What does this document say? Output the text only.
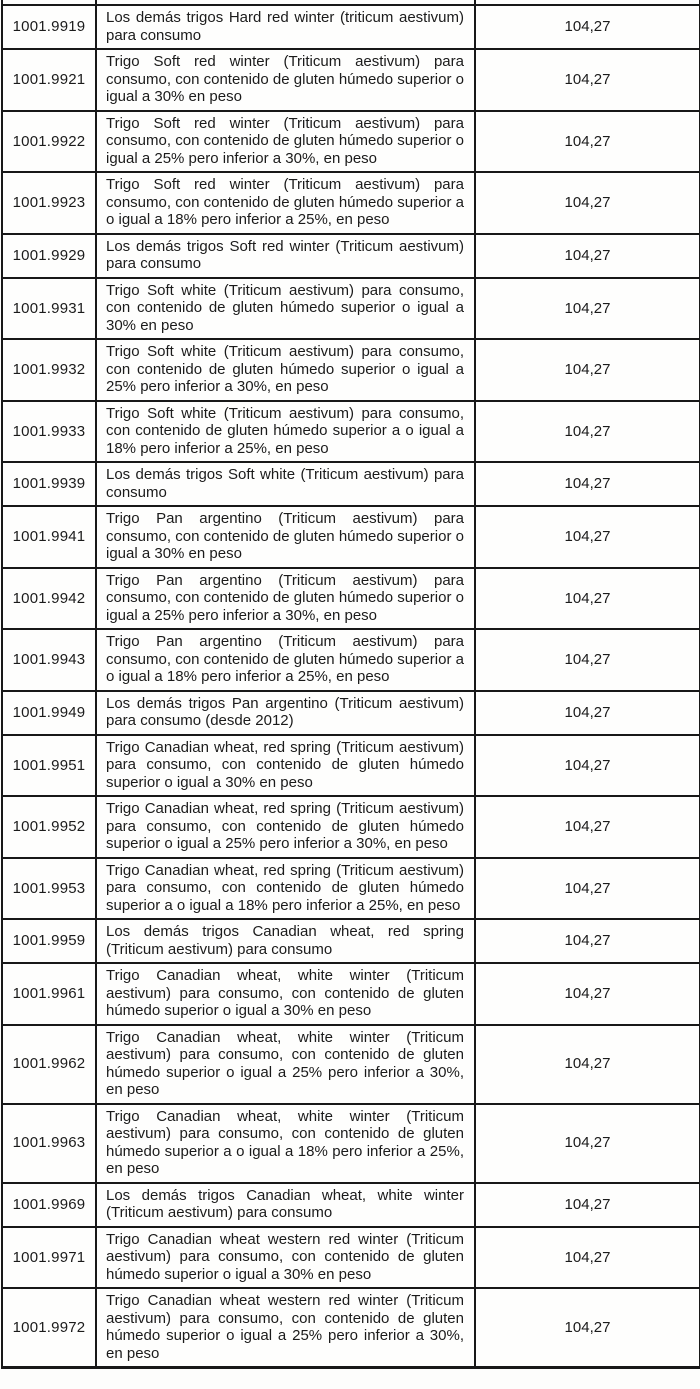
1001.9919	Los demás trigos Hard red winter (triticum aestivum) para consumo	104,27
1001.9921	Trigo Soft red winter (Triticum aestivum) para consumo, con contenido de gluten húmedo superior o igual a 30% en peso	104,27
1001.9922	Trigo Soft red winter (Triticum aestivum) para consumo, con contenido de gluten húmedo superior o igual a 25% pero inferior a 30%, en peso	104,27
1001.9923	Trigo Soft red winter (Triticum aestivum) para consumo, con contenido de gluten húmedo superior a o igual a 18% pero inferior a 25%, en peso	104,27
1001.9929	Los demás trigos Soft red winter (Triticum aestivum) para consumo	104,27
1001.9931	Trigo Soft white (Triticum aestivum) para consumo, con contenido de gluten húmedo superior o igual a 30% en peso	104,27
1001.9932	Trigo Soft white (Triticum aestivum) para consumo, con contenido de gluten húmedo superior o igual a 25% pero inferior a 30%, en peso	104,27
1001.9933	Trigo Soft white (Triticum aestivum) para consumo, con contenido de gluten húmedo superior a o igual a 18% pero inferior a 25%, en peso	104,27
1001.9939	Los demás trigos Soft white (Triticum aestivum) para consumo	104,27
1001.9941	Trigo Pan argentino (Triticum aestivum) para consumo, con contenido de gluten húmedo superior o igual a 30% en peso	104,27
1001.9942	Trigo Pan argentino (Triticum aestivum) para consumo, con contenido de gluten húmedo superior o igual a 25% pero inferior a 30%, en peso	104,27
1001.9943	Trigo Pan argentino (Triticum aestivum) para consumo, con contenido de gluten húmedo superior a o igual a 18% pero inferior a 25%, en peso	104,27
1001.9949	Los demás trigos Pan argentino (Triticum aestivum) para consumo (desde 2012)	104,27
1001.9951	Trigo Canadian wheat, red spring (Triticum aestivum) para consumo, con contenido de gluten húmedo superior o igual a 30% en peso	104,27
1001.9952	Trigo Canadian wheat, red spring (Triticum aestivum) para consumo, con contenido de gluten húmedo superior o igual a 25% pero inferior a 30%, en peso	104,27
1001.9953	Trigo Canadian wheat, red spring (Triticum aestivum) para consumo, con contenido de gluten húmedo superior a o igual a 18% pero inferior a 25%, en peso	104,27
1001.9959	Los demás trigos Canadian wheat, red spring (Triticum aestivum) para consumo	104,27
1001.9961	Trigo Canadian wheat, white winter (Triticum aestivum) para consumo, con contenido de gluten húmedo superior o igual a 30% en peso	104,27
1001.9962	Trigo Canadian wheat, white winter (Triticum aestivum) para consumo, con contenido de gluten húmedo superior o igual a 25% pero inferior a 30%, en peso	104,27
1001.9963	Trigo Canadian wheat, white winter (Triticum aestivum) para consumo, con contenido de gluten húmedo superior a o igual a 18% pero inferior a 25%, en peso	104,27
1001.9969	Los demás trigos Canadian wheat, white winter (Triticum aestivum) para consumo	104,27
1001.9971	Trigo Canadian wheat western red winter (Triticum aestivum) para consumo, con contenido de gluten húmedo superior o igual a 30% en peso	104,27
1001.9972	Trigo Canadian wheat western red winter (Triticum aestivum) para consumo, con contenido de gluten húmedo superior o igual a 25% pero inferior a 30%, en peso	104,27
